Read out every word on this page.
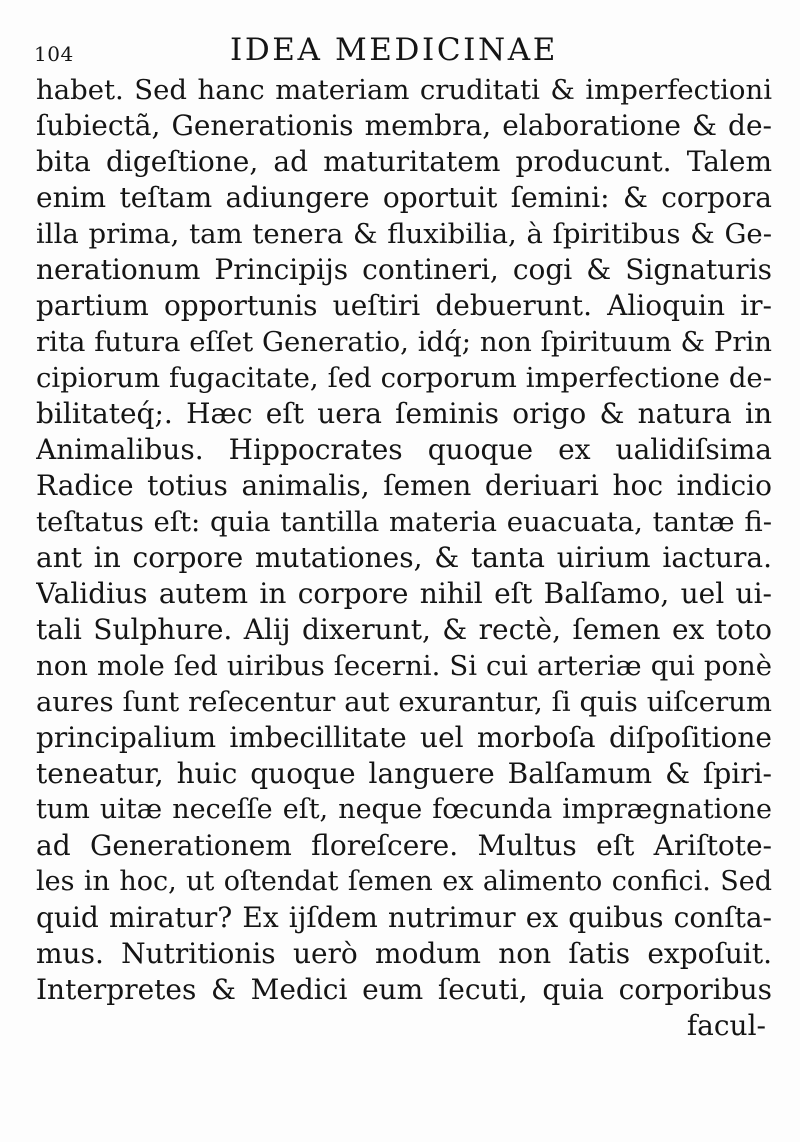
104	IDEA MEDICINAE
habet. Sed hanc materiam cruditati & imperfectioni
ſubiectã, Generationis membra, elaboratione & de-
bita digeſtione, ad maturitatem producunt. Talem
enim teſtam adiungere oportuit ſemini: & corpora
illa prima, tam tenera & fluxibilia, à ſpiritibus & Ge-
nerationum Principijs contineri, cogi & Signaturis
partium opportunis ueſtiri debuerunt. Alioquin ir-
rita futura eſſet Generatio, idq́; non ſpirituum & Prin
cipiorum fugacitate, ſed corporum imperfectione de-
bilitateq́;. Hæc eſt uera ſeminis origo & natura in
Animalibus. Hippocrates quoque ex ualidiſsima
Radice totius animalis, ſemen deriuari hoc indicio
teſtatus eſt: quia tantilla materia euacuata, tantæ fi-
ant in corpore mutationes, & tanta uirium iactura.
Validius autem in corpore nihil eſt Balſamo, uel ui-
tali Sulphure. Alij dixerunt, & rectè, ſemen ex toto
non mole ſed uiribus ſecerni. Si cui arteriæ qui ponè
aures ſunt reſecentur aut exurantur, ſi quis uiſcerum
principalium imbecillitate uel morboſa diſpoſitione
teneatur, huic quoque languere Balſamum & ſpiri-
tum uitæ neceſſe eſt, neque fœcunda imprægnatione
ad Generationem floreſcere. Multus eſt Ariſtote-
les in hoc, ut oſtendat ſemen ex alimento confici. Sed
quid miratur? Ex ijſdem nutrimur ex quibus conſta-
mus. Nutritionis uerò modum non ſatis expoſuit.
Interpretes & Medici eum ſecuti, quia corporibus
facul-
